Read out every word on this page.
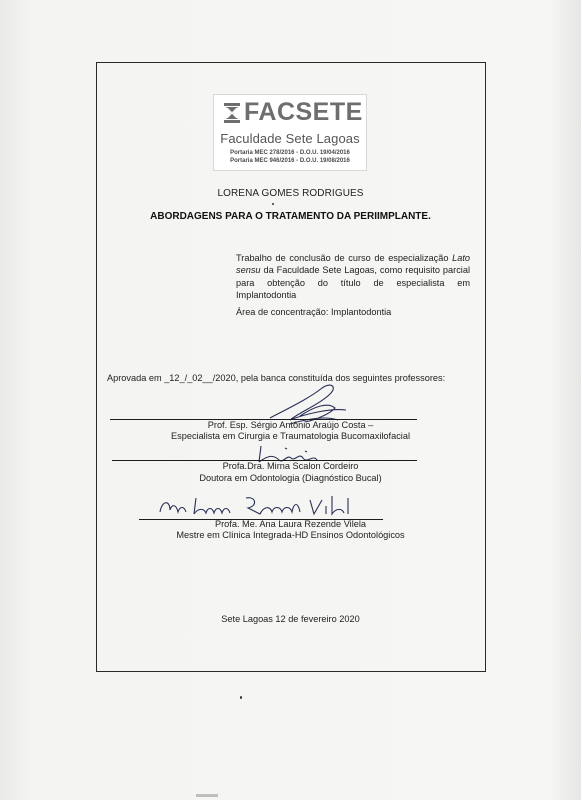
FACSETE
Faculdade Sete Lagoas
Portaria MEC 278/2016 - D.O.U. 19/04/2016
Portaria MEC 946/2016 - D.O.U. 19/08/2016
LORENA GOMES RODRIGUES
ABORDAGENS PARA O TRATAMENTO DA PERIIMPLANTE.
Trabalho de conclusão de curso de especialização Lato sensu da Faculdade Sete Lagoas, como requisito parcial para obtenção do título de especialista em Implantodontia
Área de concentração: Implantodontia
Aprovada em _12_/_02__/2020, pela banca constituída dos seguintes professores:
Prof. Esp. Sérgio Antônio Araújo Costa –
Especialista em Cirurgia e Traumatologia Bucomaxilofacial
Profa.Dra. Mirna Scalon Cordeiro
Doutora em Odontologia (Diagnóstico Bucal)
Profa. Me. Ana Laura Rezende Vilela
Mestre em Clínica Integrada-HD Ensinos Odontológicos
Sete Lagoas 12 de fevereiro 2020
